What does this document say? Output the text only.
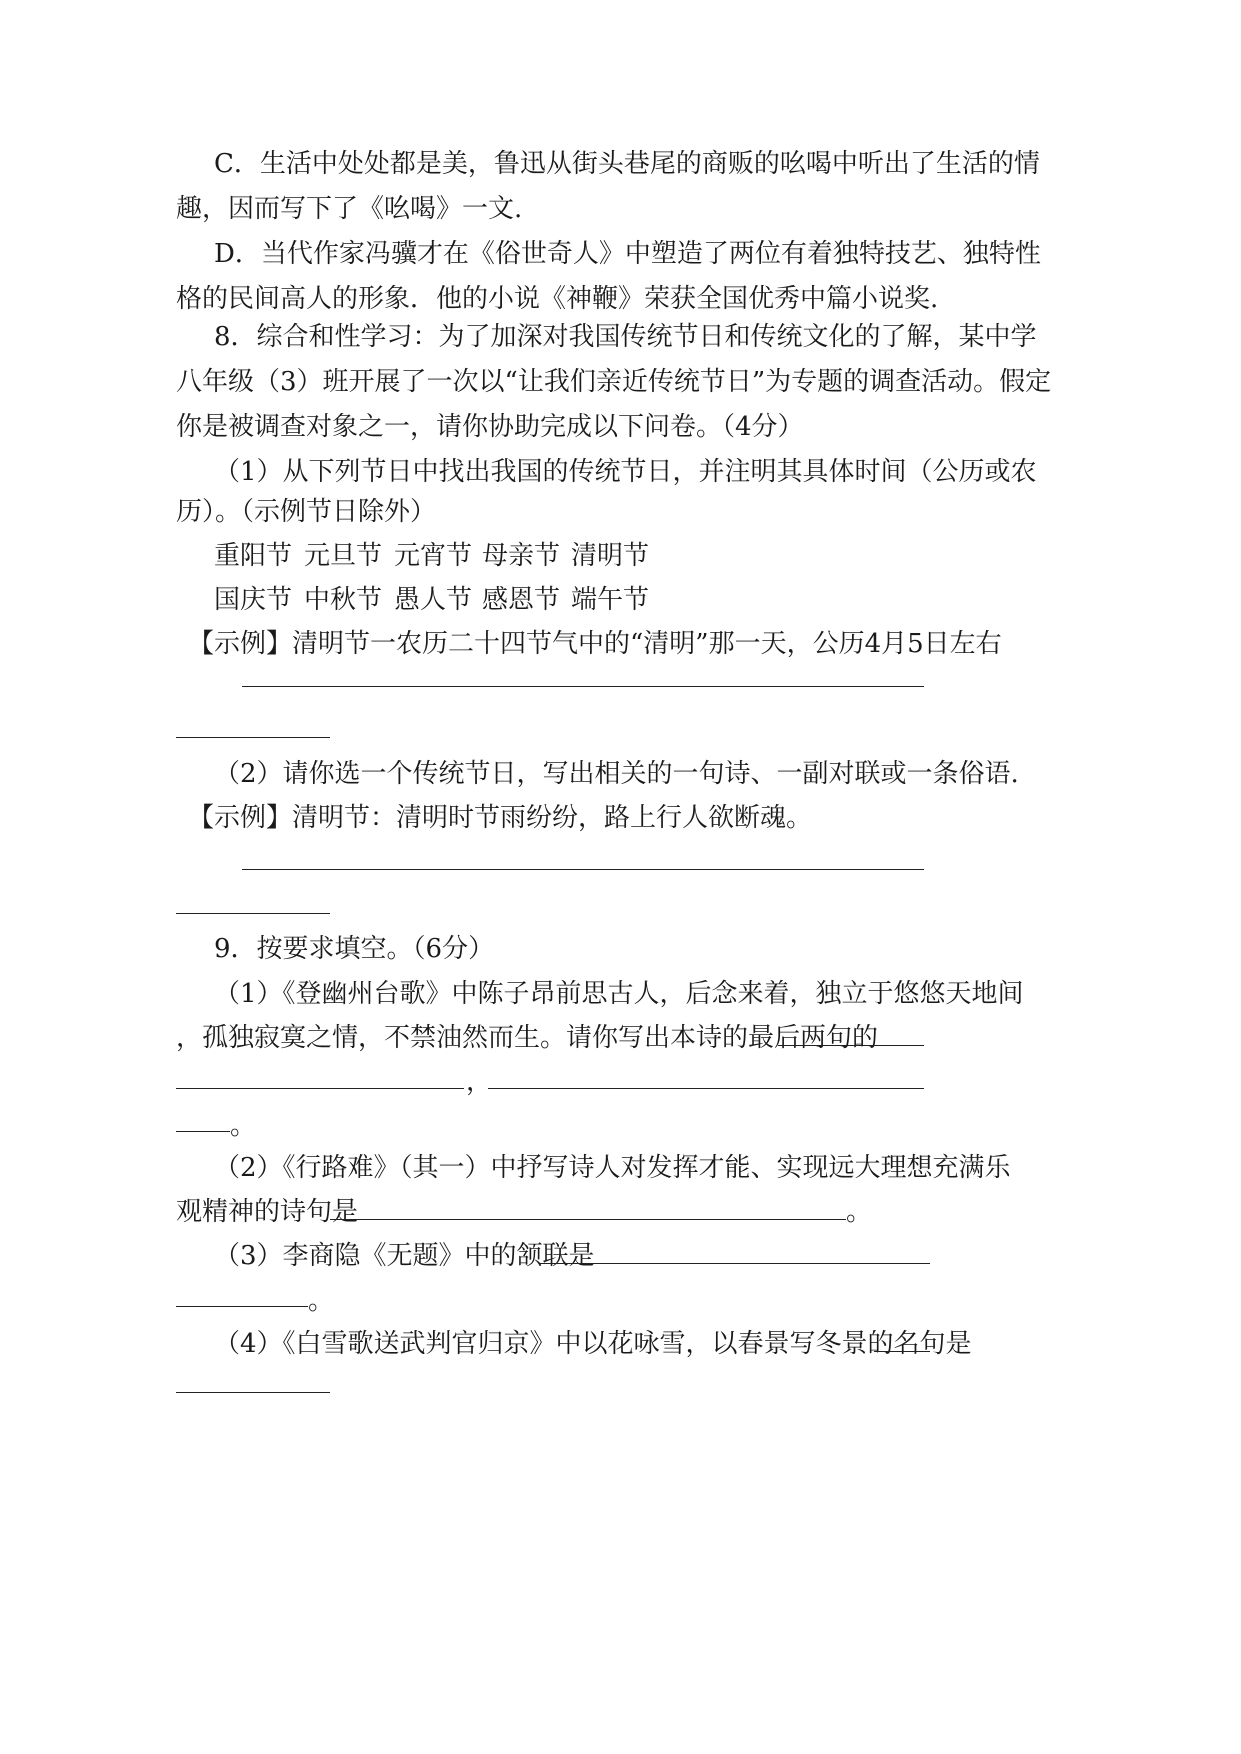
C．生活中处处都是美，鲁迅从街头巷尾的商贩的吆喝中听出了生活的情
趣，因而写下了《吆喝》一文.
D．当代作家冯骥才在《俗世奇人》中塑造了两位有着独特技艺、独特性
格的民间高人的形象．他的小说《神鞭》荣获全国优秀中篇小说奖.
8．综合和性学习：为了加深对我国传统节日和传统文化的了解，某中学
八年级（3）班开展了一次以“让我们亲近传统节日”为专题的调查活动。假定
你是被调查对象之一，请你协助完成以下问卷。（4分）
（1）从下列节日中找出我国的传统节日，并注明其具体时间（公历或农
历）。（示例节日除外）
重阳节 元旦节 元宵节 母亲节 清明节
国庆节 中秋节 愚人节 感恩节 端午节
【示例】清明节一农历二十四节气中的“清明”那一天，公历4月5日左右
（2）请你选一个传统节日，写出相关的一句诗、一副对联或一条俗语.
【示例】清明节：清明时节雨纷纷，路上行人欲断魂。
9．按要求填空。（6分）
（1）《登幽州台歌》中陈子昂前思古人，后念来着，独立于悠悠天地间
，孤独寂寞之情，不禁油然而生。请你写出本诗的最后两句的
，
。
（2）《行路难》（其一）中抒写诗人对发挥才能、实现远大理想充满乐
观精神的诗句是	。
（3）李商隐《无题》中的颔联是
。
（4）《白雪歌送武判官归京》中以花咏雪，以春景写冬景的名句是
